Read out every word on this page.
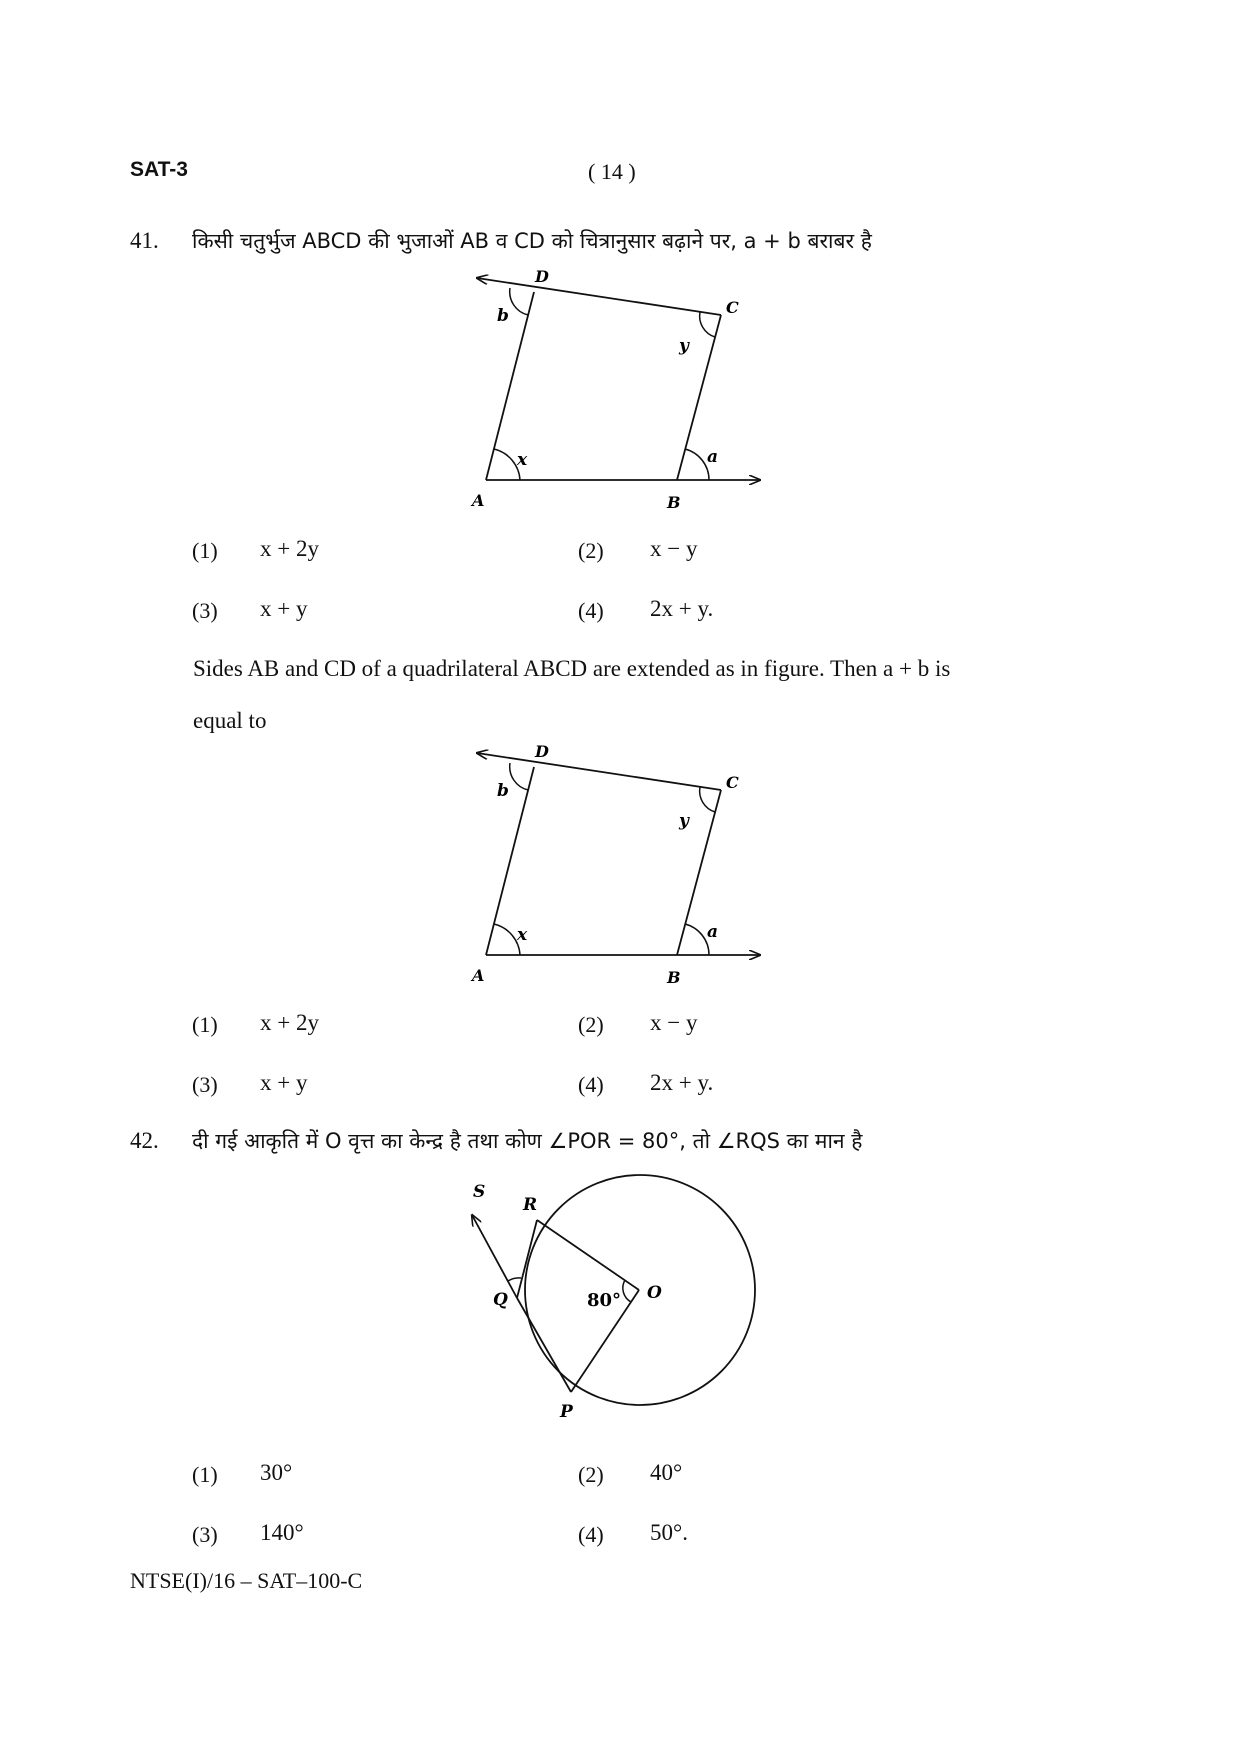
SAT-3	( 14 )
41. किसी चतुर्भुज ABCD की भुजाओं AB व CD को चित्रानुसार बढ़ाने पर, a + b बराबर है
A	B
C
D
x
y
a
b
(1) x + 2y	(2) x − y
(3) x + y	(4) 2x + y.
Sides AB and CD of a quadrilateral ABCD are extended as in figure. Then a + b is
equal to
A	B
C
D
x
y
a
b
(1) x + 2y	(2) x − y
(3) x + y	(4) 2x + y.
42. दी गई आकृति में O वृत्त का केन्द्र है तथा कोण ∠POR = 80°, तो ∠RQS का मान है
S
R
Q	O
P
80°
(1) 30°	(2) 40°
(3) 140°	(4) 50°.
NTSE(I)/16 – SAT–100-C
